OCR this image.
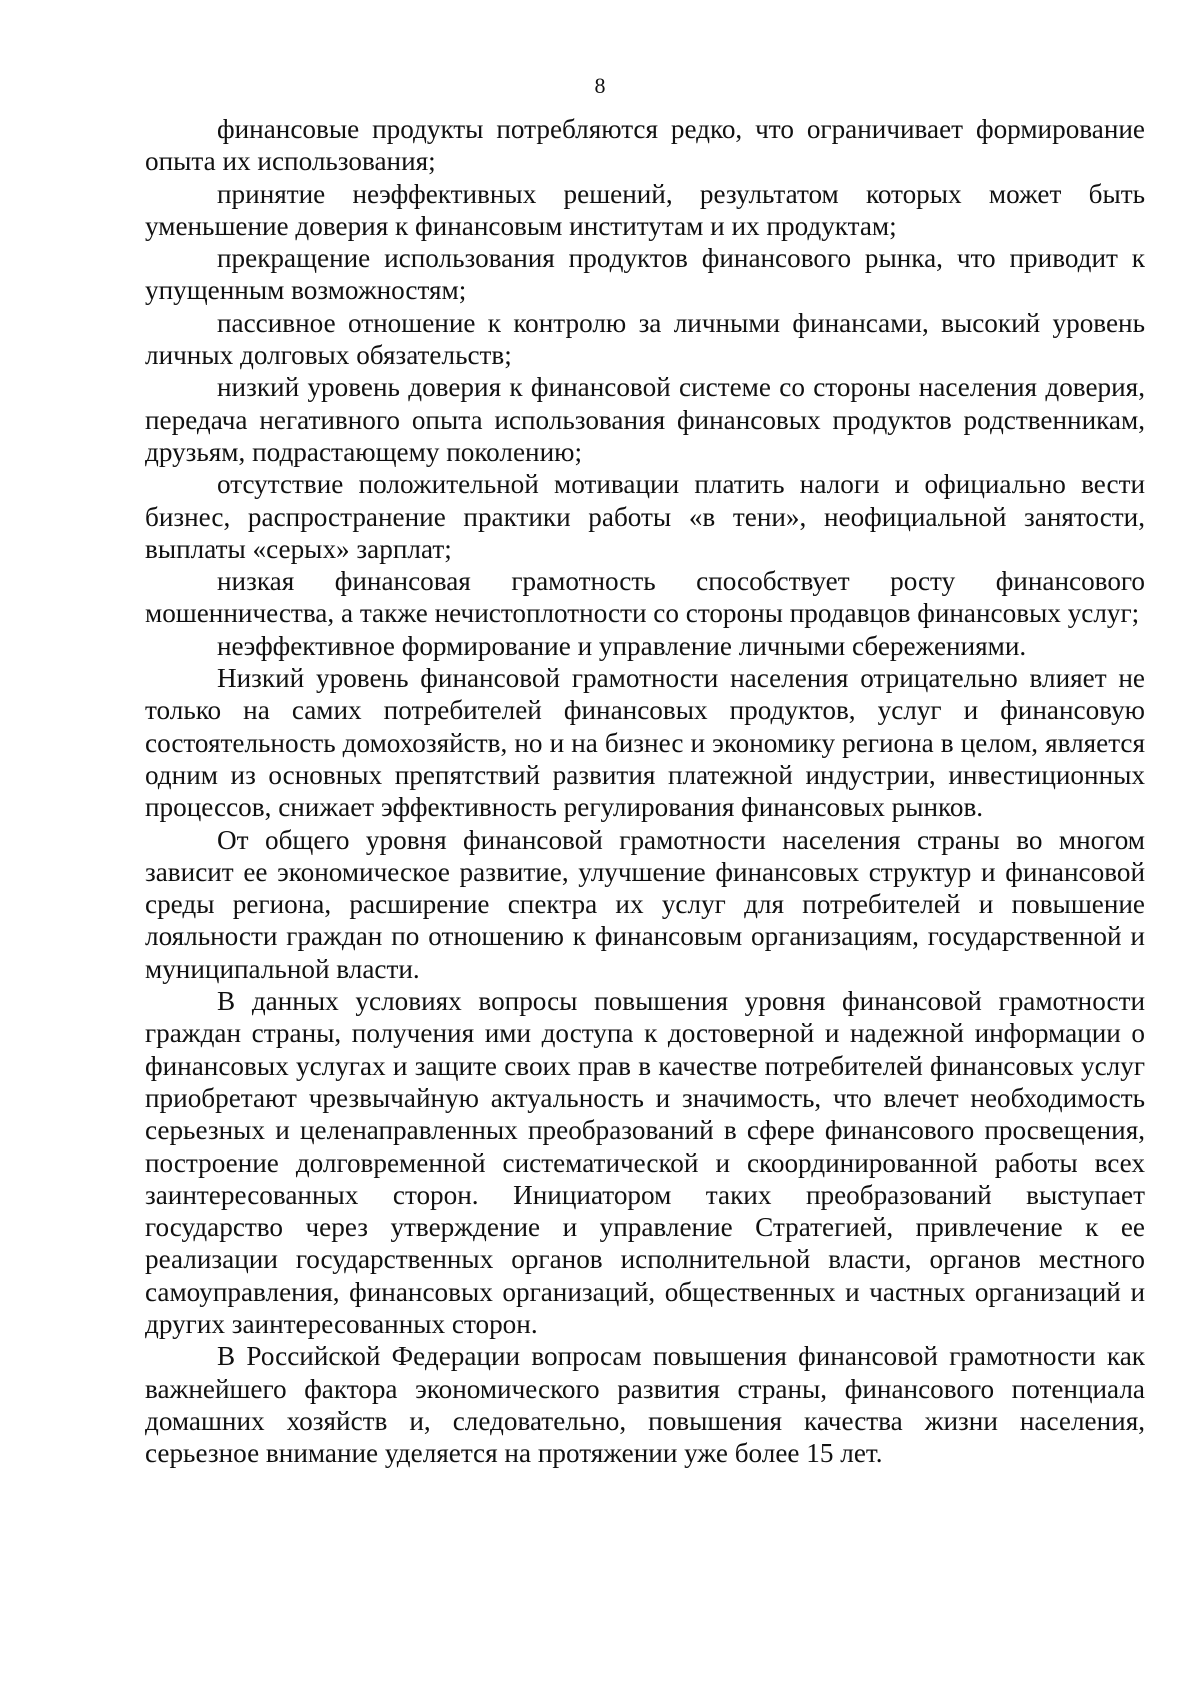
8

финансовые продукты потребляются редко, что ограничивает формирование опыта их использования;

принятие неэффективных решений, результатом которых может быть уменьшение доверия к финансовым институтам и их продуктам;

прекращение использования продуктов финансового рынка, что приводит к упущенным возможностям;

пассивное отношение к контролю за личными финансами, высокий уровень личных долговых обязательств;

низкий уровень доверия к финансовой системе со стороны населения доверия, передача негативного опыта использования финансовых продуктов родственникам, друзьям, подрастающему поколению;

отсутствие положительной мотивации платить налоги и официально вести бизнес, распространение практики работы «в тени», неофициальной занятости, выплаты «серых» зарплат;

низкая финансовая грамотность способствует росту финансового мошенничества, а также нечистоплотности со стороны продавцов финансовых услуг;

неэффективное формирование и управление личными сбережениями.

Низкий уровень финансовой грамотности населения отрицательно влияет не только на самих потребителей финансовых продуктов, услуг и финансовую состоятельность домохозяйств, но и на бизнес и экономику региона в целом, является одним из основных препятствий развития платежной индустрии, инвестиционных процессов, снижает эффективность регулирования финансовых рынков.

От общего уровня финансовой грамотности населения страны во многом зависит ее экономическое развитие, улучшение финансовых структур и финансовой среды региона, расширение спектра их услуг для потребителей и повышение лояльности граждан по отношению к финансовым организациям, государственной и муниципальной власти.

В данных условиях вопросы повышения уровня финансовой грамотности граждан страны, получения ими доступа к достоверной и надежной информации о финансовых услугах и защите своих прав в качестве потребителей финансовых услуг приобретают чрезвычайную актуальность и значимость, что влечет необходимость серьезных и целенаправленных преобразований в сфере финансового просвещения, построение долговременной систематической и скоординированной работы всех заинтересованных сторон. Инициатором таких преобразований выступает государство через утверждение и управление Стратегией, привлечение к ее реализации государственных органов исполнительной власти, органов местного самоуправления, финансовых организаций, общественных и частных организаций и других заинтересованных сторон.

В Российской Федерации вопросам повышения финансовой грамотности как важнейшего фактора экономического развития страны, финансового потенциала домашних хозяйств и, следовательно, повышения качества жизни населения, серьезное внимание уделяется на протяжении уже более 15 лет.
